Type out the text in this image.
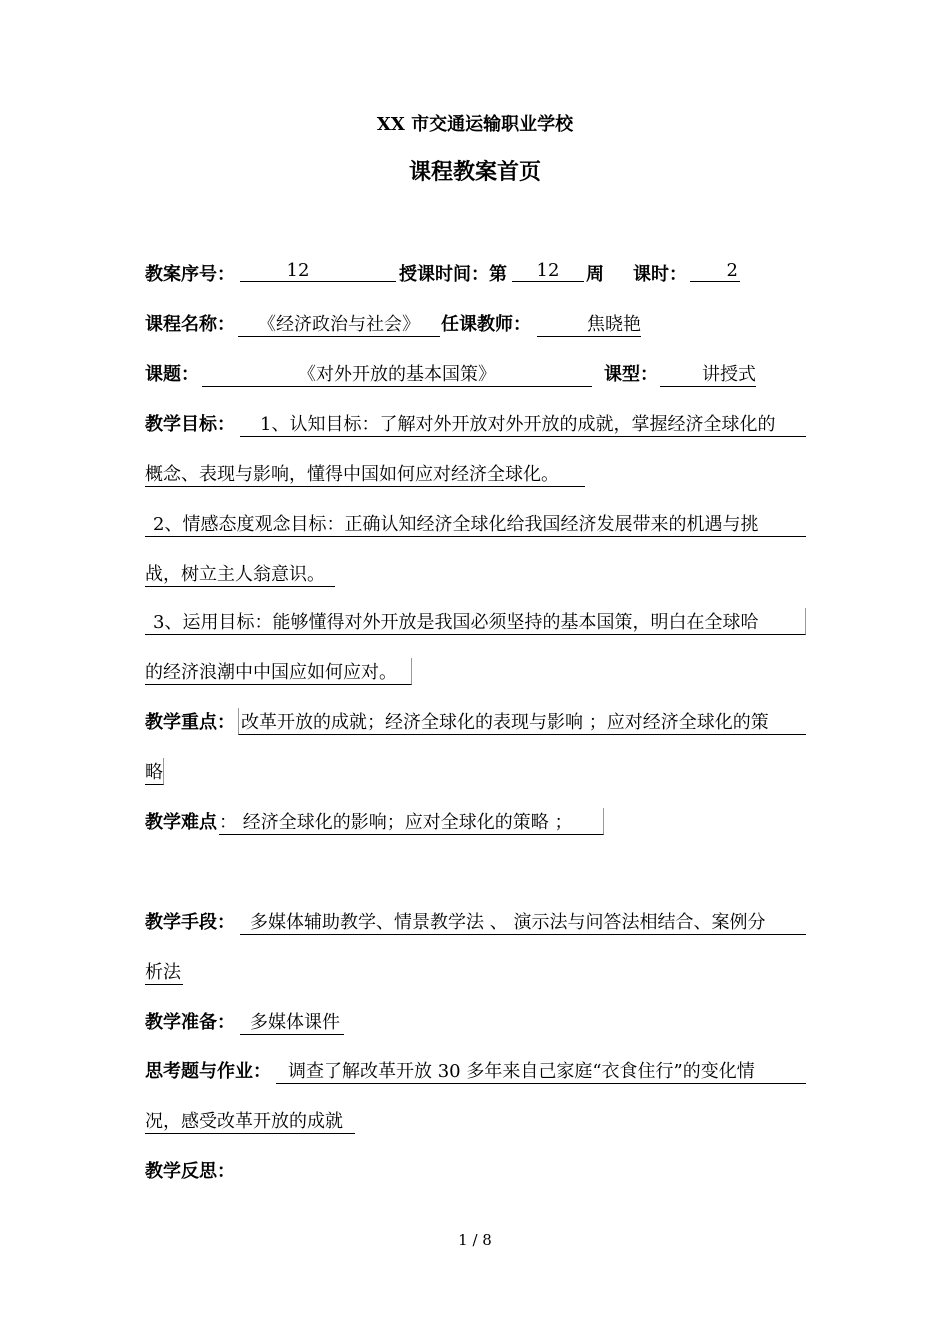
XX 市交通运输职业学校
课程教案首页
教案序号：	12	授课时间：第	12	周 课时：	2
课程名称：	《经济政治与社会》	任课教师：	焦晓艳
课题：	《对外开放的基本国策》	课型：	讲授式
教学目标：	1、认知目标：了解对外开放对外开放的成就，掌握经济全球化的
概念、表现与影响，懂得中国如何应对经济全球化。
2、情感态度观念目标：正确认知经济全球化给我国经济发展带来的机遇与挑
战，树立主人翁意识。
3、运用目标：能够懂得对外开放是我国必须坚持的基本国策，明白在全球哈
的经济浪潮中中国应如何应对。
教学重点： 改革开放的成就；经济全球化的表现与影响 ；应对经济全球化的策
略
教学难点 ： 经济全球化的影响；应对全球化的策略 ；
教学手段： 多媒体辅助教学、情景教学法 、 演示法与问答法相结合、案例分
析法
教学准备： 多媒体课件
思考题与作业： 调查了解改革开放 30 多年来自己家庭“衣食住行”的变化情
况，感受改革开放的成就
教学反思：
1 / 8
